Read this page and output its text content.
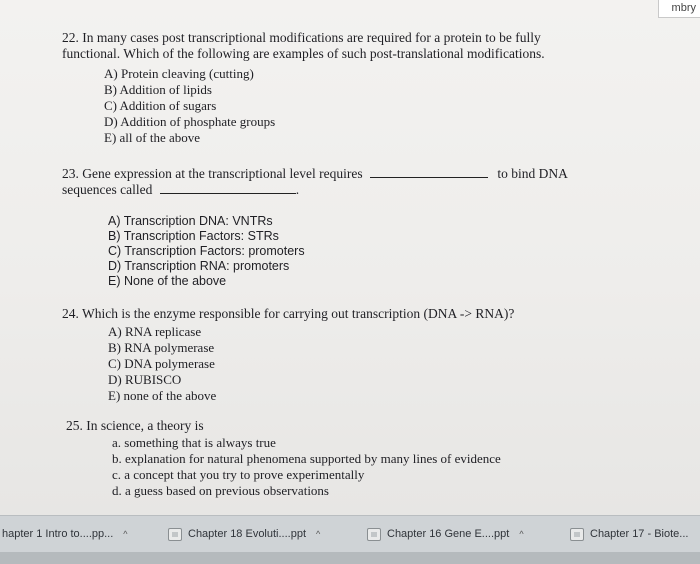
mbry
22. In many cases post transcriptional modifications are required for a protein to be fully
functional. Which of the following are examples of such post-translational modifications.
A) Protein cleaving (cutting)
B) Addition of lipids
C) Addition of sugars
D) Addition of phosphate groups
E) all of the above
23. Gene expression at the transcriptional level requires	to bind DNA
sequences called	.
A) Transcription DNA: VNTRs
B) Transcription Factors: STRs
C) Transcription Factors: promoters
D) Transcription RNA: promoters
E) None of the above
24. Which is the enzyme responsible for carrying out transcription (DNA -> RNA)?
A) RNA replicase
B) RNA polymerase
C) DNA polymerase
D) RUBISCO
E) none of the above
25. In science, a theory is
a. something that is always true
b. explanation for natural phenomena supported by many lines of evidence
c. a concept that you try to prove experimentally
d. a guess based on previous observations
hapter 1 Intro to....pp... ^	Chapter 18 Evoluti....ppt ^	Chapter 16 Gene E....ppt ^	Chapter 17 - Biote...
